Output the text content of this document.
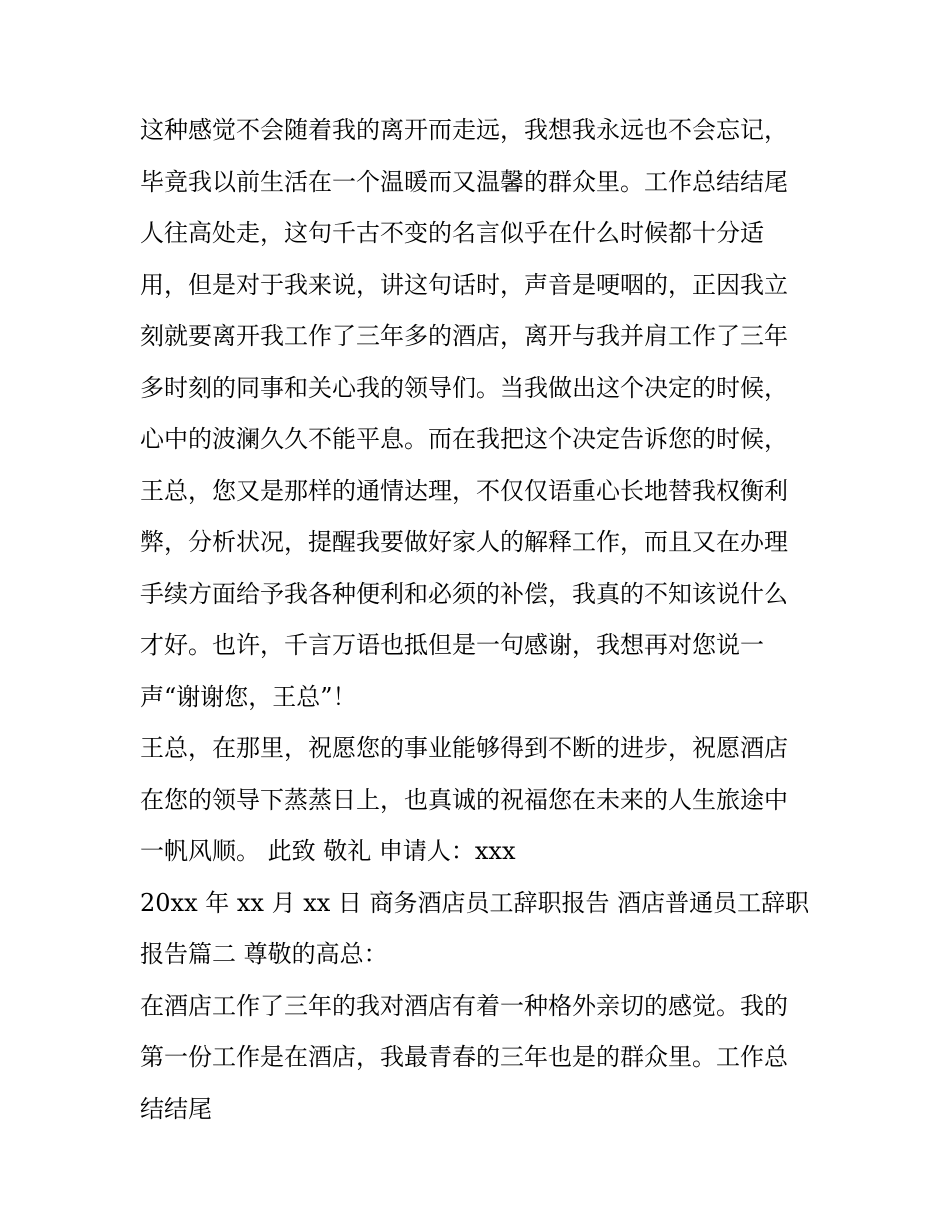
这种感觉不会随着我的离开而走远，我想我永远也不会忘记，
毕竟我以前生活在一个温暖而又温馨的群众里。工作总结结尾
人往高处走，这句千古不变的名言似乎在什么时候都十分适
用，但是对于我来说，讲这句话时，声音是哽咽的，正因我立
刻就要离开我工作了三年多的酒店，离开与我并肩工作了三年
多时刻的同事和关心我的领导们。当我做出这个决定的时候，
心中的波澜久久不能平息。而在我把这个决定告诉您的时候，
王总，您又是那样的通情达理，不仅仅语重心长地替我权衡利
弊，分析状况，提醒我要做好家人的解释工作，而且又在办理
手续方面给予我各种便利和必须的补偿，我真的不知该说什么
才好。也许，千言万语也抵但是一句感谢，我想再对您说一
声“谢谢您，王总”！
王总，在那里，祝愿您的事业能够得到不断的进步，祝愿酒店
在您的领导下蒸蒸日上，也真诚的祝福您在未来的人生旅途中
一帆风顺。 此致 敬礼 申请人：xxx
20xx 年 xx 月 xx 日 商务酒店员工辞职报告 酒店普通员工辞职
报告篇二 尊敬的高总：
在酒店工作了三年的我对酒店有着一种格外亲切的感觉。我的
第一份工作是在酒店，我最青春的三年也是的群众里。工作总
结结尾
